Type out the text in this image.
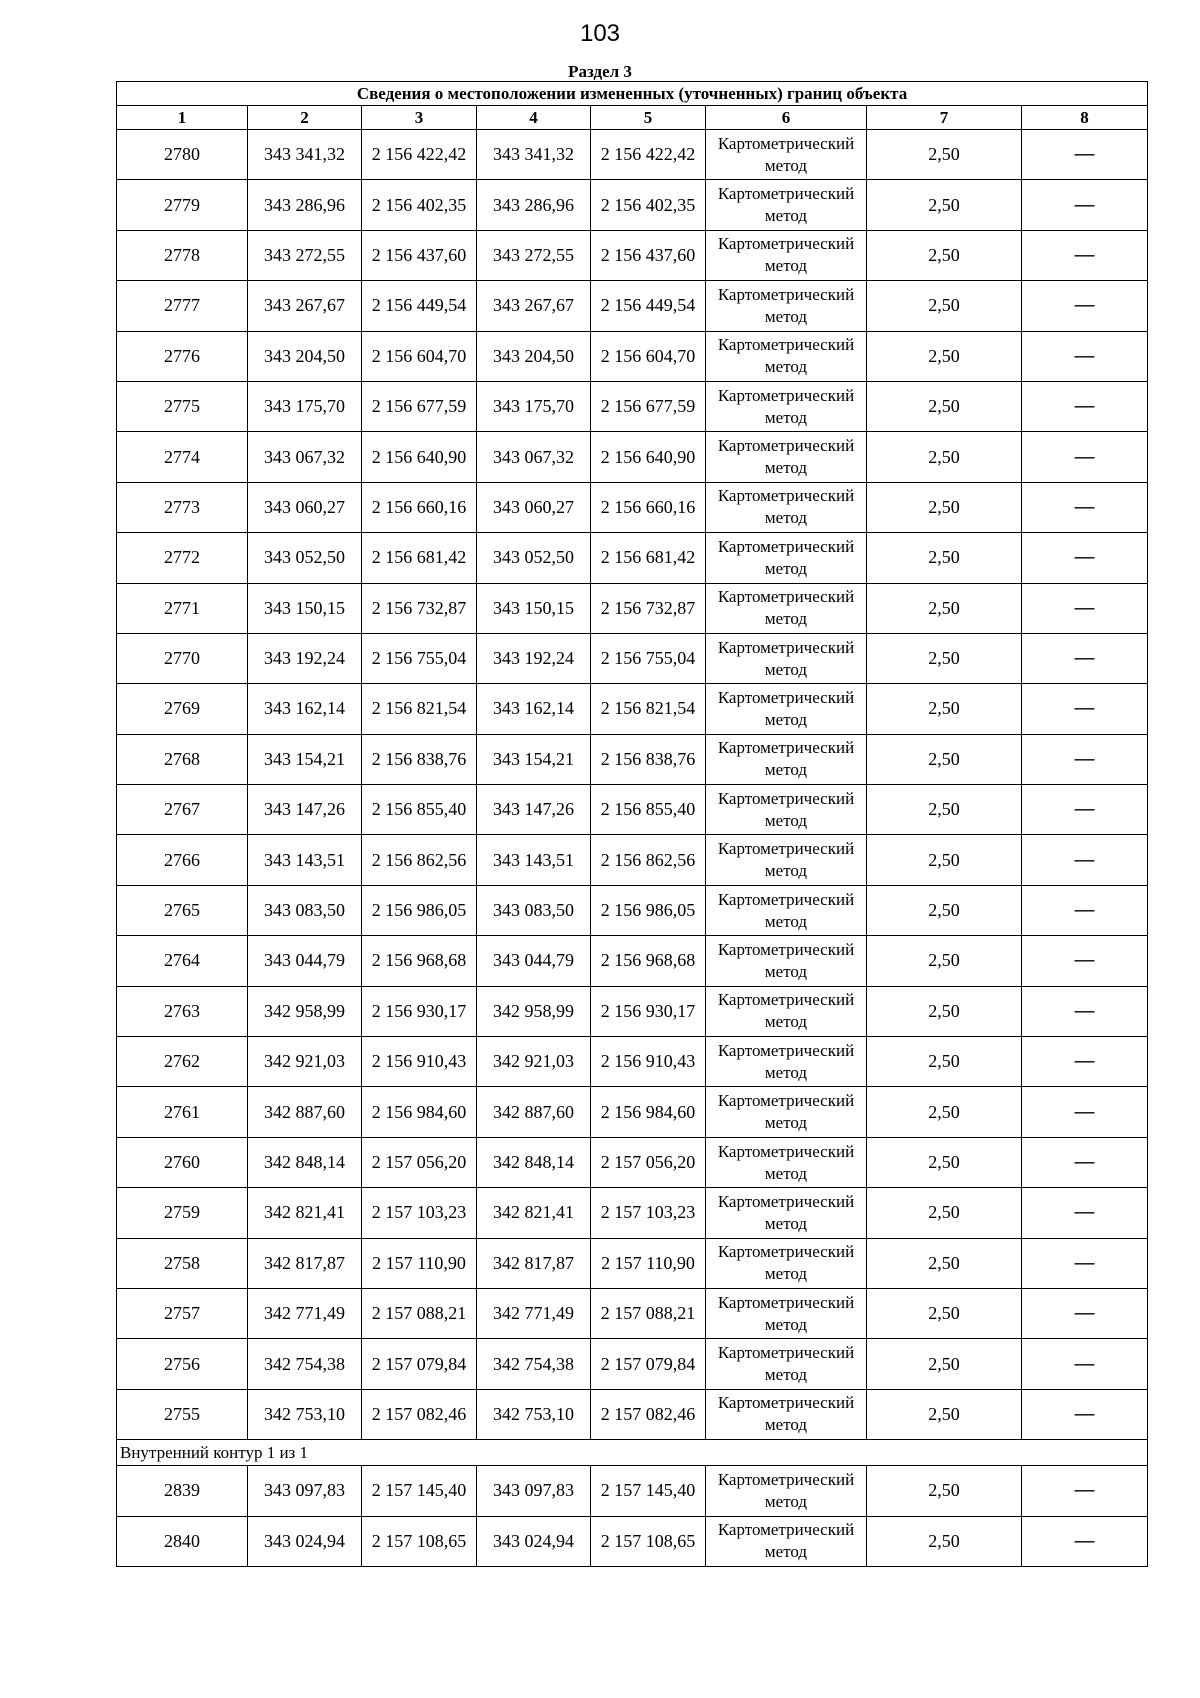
103
Раздел 3
Сведения о местоположении измененных (уточненных) границ объекта							
1	2	3	4	5	6	7	8
2780	343 341,32	2 156 422,42	343 341,32	2 156 422,42	Картометрический метод	2,50	—
2779	343 286,96	2 156 402,35	343 286,96	2 156 402,35	Картометрический метод	2,50	—
2778	343 272,55	2 156 437,60	343 272,55	2 156 437,60	Картометрический метод	2,50	—
2777	343 267,67	2 156 449,54	343 267,67	2 156 449,54	Картометрический метод	2,50	—
2776	343 204,50	2 156 604,70	343 204,50	2 156 604,70	Картометрический метод	2,50	—
2775	343 175,70	2 156 677,59	343 175,70	2 156 677,59	Картометрический метод	2,50	—
2774	343 067,32	2 156 640,90	343 067,32	2 156 640,90	Картометрический метод	2,50	—
2773	343 060,27	2 156 660,16	343 060,27	2 156 660,16	Картометрический метод	2,50	—
2772	343 052,50	2 156 681,42	343 052,50	2 156 681,42	Картометрический метод	2,50	—
2771	343 150,15	2 156 732,87	343 150,15	2 156 732,87	Картометрический метод	2,50	—
2770	343 192,24	2 156 755,04	343 192,24	2 156 755,04	Картометрический метод	2,50	—
2769	343 162,14	2 156 821,54	343 162,14	2 156 821,54	Картометрический метод	2,50	—
2768	343 154,21	2 156 838,76	343 154,21	2 156 838,76	Картометрический метод	2,50	—
2767	343 147,26	2 156 855,40	343 147,26	2 156 855,40	Картометрический метод	2,50	—
2766	343 143,51	2 156 862,56	343 143,51	2 156 862,56	Картометрический метод	2,50	—
2765	343 083,50	2 156 986,05	343 083,50	2 156 986,05	Картометрический метод	2,50	—
2764	343 044,79	2 156 968,68	343 044,79	2 156 968,68	Картометрический метод	2,50	—
2763	342 958,99	2 156 930,17	342 958,99	2 156 930,17	Картометрический метод	2,50	—
2762	342 921,03	2 156 910,43	342 921,03	2 156 910,43	Картометрический метод	2,50	—
2761	342 887,60	2 156 984,60	342 887,60	2 156 984,60	Картометрический метод	2,50	—
2760	342 848,14	2 157 056,20	342 848,14	2 157 056,20	Картометрический метод	2,50	—
2759	342 821,41	2 157 103,23	342 821,41	2 157 103,23	Картометрический метод	2,50	—
2758	342 817,87	2 157 110,90	342 817,87	2 157 110,90	Картометрический метод	2,50	—
2757	342 771,49	2 157 088,21	342 771,49	2 157 088,21	Картометрический метод	2,50	—
2756	342 754,38	2 157 079,84	342 754,38	2 157 079,84	Картометрический метод	2,50	—
2755	342 753,10	2 157 082,46	342 753,10	2 157 082,46	Картометрический метод	2,50	—
Внутренний контур 1 из 1							
2839	343 097,83	2 157 145,40	343 097,83	2 157 145,40	Картометрический метод	2,50	—
2840	343 024,94	2 157 108,65	343 024,94	2 157 108,65	Картометрический метод	2,50	—
